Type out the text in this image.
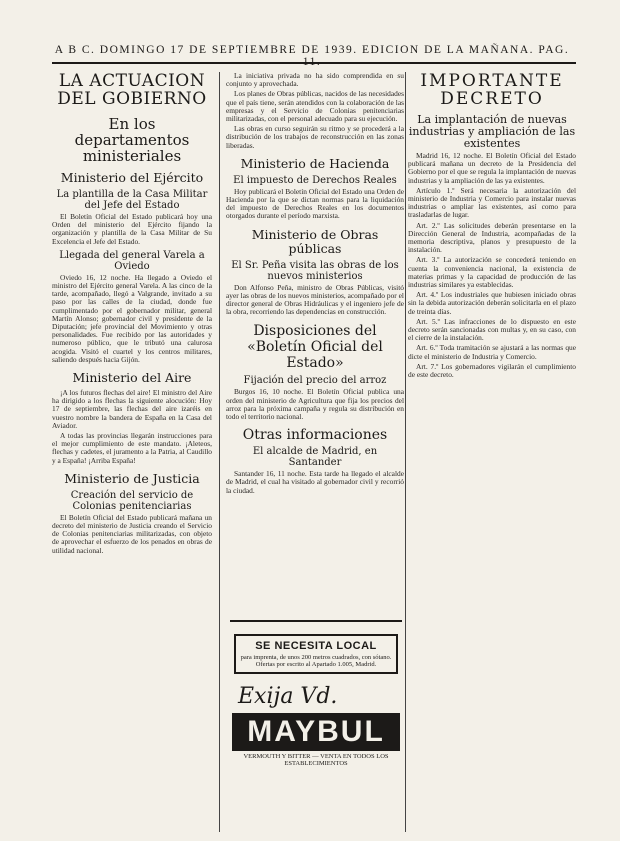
A B C. DOMINGO 17 DE SEPTIEMBRE DE 1939. EDICION DE LA MAÑANA. PAG.
LA ACTUACION DEL GOBIERNO
En los departamentos ministeriales
Ministerio del Ejército
La plantilla de la Casa Militar del Jefe del Estado

El Boletín Oficial del Estado publicará hoy una Orden del ministerio del Ejército fijando la organización y plantilla de la Casa Militar de Su Excelencia el Jefe del Estado.

Llegada del general Varela a Oviedo

Oviedo 16, 12 noche. Ha llegado a Oviedo el ministro del Ejército general Varela. A las cinco de la tarde, acompañado, llegó a Valgrande, invitado a su paso por las calles de la ciudad, donde fue cumplimentado por el gobernador militar, general Martín Alonso; gobernador civil y presidente de la Diputación; jefe provincial del Movimiento y otras personalidades. Fue recibido por las autoridades y numeroso público, que le tributó una calurosa acogida. Visitó el cuartel y los centros militares, saliendo después hacia Gijón.

Ministerio del Aire

¡A los futuros flechas del aire! El ministro del Aire ha dirigido a los flechas la siguiente alocución: Hoy 17 de septiembre, las flechas del aire izaréis en vuestro nombre la bandera de España en la Casa del Aviador.

A todas las provincias llegarán instrucciones para el mejor cumplimiento de este mandato. ¡Aleteos, flechas y cadetes, el juramento a la Patria, al Caudillo y a España! ¡Arriba España!

Ministerio de Justicia
Creación del servicio de Colonias penitenciarias

El Boletín Oficial del Estado publicará mañana un decreto del ministerio de Justicia creando el Servicio de Colonias penitenciarias militarizadas, con objeto de aprovechar el esfuerzo de los penados en obras de utilidad nacional.

La iniciativa privada no ha sido comprendida en su conjunto y aprovechada.

Los planes de Obras públicas, nacidos de las necesidades que el país tiene, serán atendidos con la colaboración de las empresas y el Servicio de Colonias penitenciarias militarizadas, con el personal adecuado para su ejecución.

Las obras en curso seguirán su ritmo y se procederá a la distribución de los trabajos de reconstrucción en las zonas liberadas.

Ministerio de Hacienda
El impuesto de Derechos Reales

Hoy publicará el Boletín Oficial del Estado una Orden de Hacienda por la que se dictan normas para la liquidación del impuesto de Derechos Reales en los documentos otorgados durante el período marxista.

Ministerio de Obras públicas
El Sr. Peña visita las obras de los nuevos ministerios

Don Alfonso Peña, ministro de Obras Públicas, visitó ayer las obras de los nuevos ministerios, acompañado por el director general de Obras Hidráulicas y el ingeniero jefe de la obra, recorriendo las dependencias en construcción.

Disposiciones del «Boletín Oficial del Estado»
Fijación del precio del arroz

Burgos 16, 10 noche. El Boletín Oficial publica una orden del ministerio de Agricultura que fija los precios del arroz para la próxima campaña y regula su distribución en todo el territorio nacional.

Otras informaciones
El alcalde de Madrid, en Santander

Santander 16, 11 noche. Esta tarde ha llegado el alcalde de Madrid, el cual ha visitado al gobernador civil y recorrió la ciudad.

SE NECESITA LOCAL
para imprenta, de unos 200 metros cuadrados, con sótano. Ofertas por escrito al Apartado 1.005, Madrid.
Exija Vd.
MAYBUL
VERMOUTH Y BITTER — VENTA EN TODOS LOS ESTABLECIMIENTOS
IMPORTANTE DECRETO
La implantación de nuevas industrias y ampliación de las existentes

Madrid 16, 12 noche. El Boletín Oficial del Estado publicará mañana un decreto de la Presidencia del Gobierno por el que se regula la implantación de nuevas industrias y la ampliación de las ya existentes.

Artículo 1.º Será necesaria la autorización del ministerio de Industria y Comercio para instalar nuevas industrias o ampliar las existentes, así como para trasladarlas de lugar.

Art. 2.º Las solicitudes deberán presentarse en la Dirección General de Industria, acompañadas de la memoria descriptiva, planos y presupuesto de la instalación.

Art. 3.º La autorización se concederá teniendo en cuenta la conveniencia nacional, la existencia de materias primas y la capacidad de producción de las industrias similares ya establecidas.

Art. 4.º Los industriales que hubiesen iniciado obras sin la debida autorización deberán solicitarla en el plazo de treinta días.

Art. 5.º Las infracciones de lo dispuesto en este decreto serán sancionadas con multas y, en su caso, con el cierre de la instalación.

Art. 6.º Toda tramitación se ajustará a las normas que dicte el ministerio de Industria y Comercio.

Art. 7.º Los gobernadores vigilarán el cumplimiento de este decreto.
